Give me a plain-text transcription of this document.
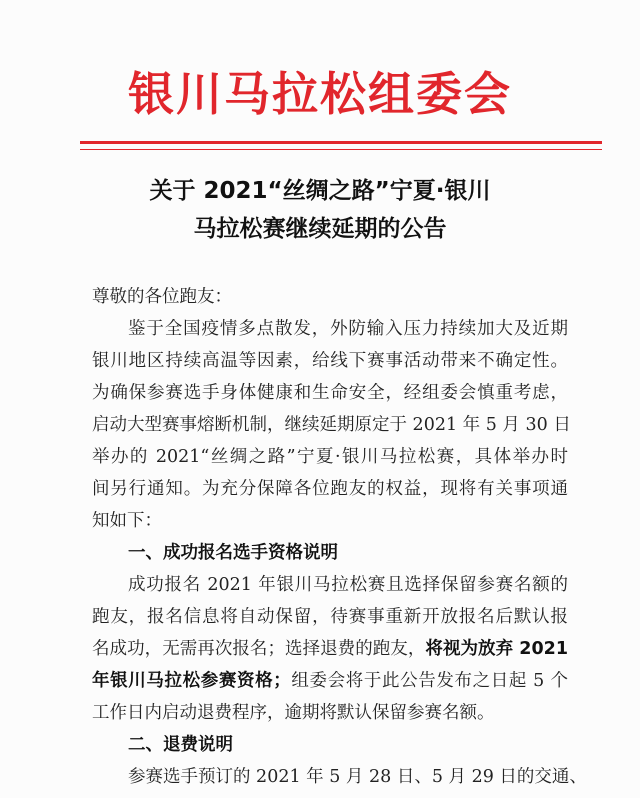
银川马拉松组委会
关于 2021“丝绸之路”宁夏·银川
马拉松赛继续延期的公告
尊敬的各位跑友：
鉴于全国疫情多点散发，外防输入压力持续加大及近期
银川地区持续高温等因素，给线下赛事活动带来不确定性。
为确保参赛选手身体健康和生命安全，经组委会慎重考虑，
启动大型赛事熔断机制，继续延期原定于 2021 年 5 月 30 日
举办的 2021“丝绸之路”宁夏·银川马拉松赛，具体举办时
间另行通知。为充分保障各位跑友的权益，现将有关事项通
知如下：
一、成功报名选手资格说明
成功报名 2021 年银川马拉松赛且选择保留参赛名额的
跑友，报名信息将自动保留，待赛事重新开放报名后默认报
名成功，无需再次报名；选择退费的跑友，将视为放弃 2021
年银川马拉松参赛资格；组委会将于此公告发布之日起 5 个
工作日内启动退费程序，逾期将默认保留参赛名额。
二、退费说明
参赛选手预订的 2021 年 5 月 28 日、5 月 29 日的交通、
